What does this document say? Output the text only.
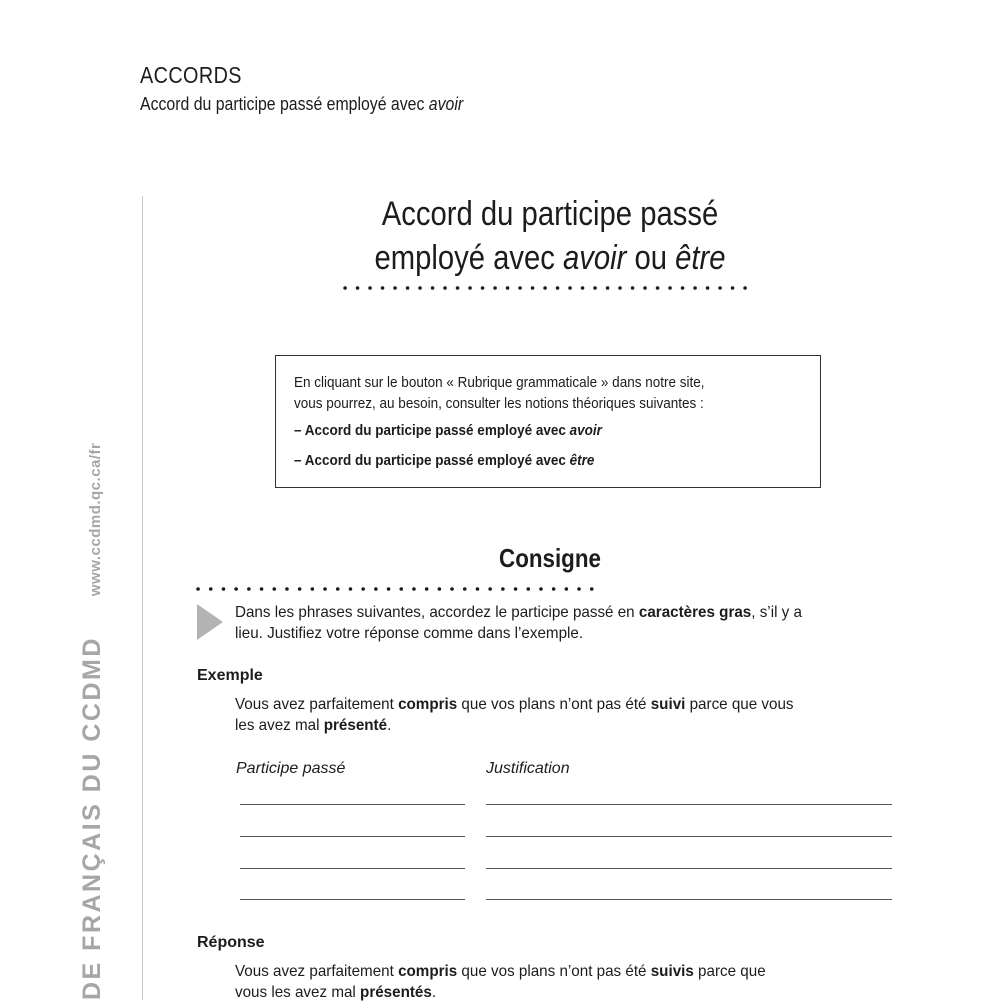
ACCORDS
Accord du participe passé employé avec avoir
DE FRANÇAIS DU CCDMDwww.ccdmd.qc.ca/fr
Accord du participe passé
employé avec avoir ou être
En cliquant sur le bouton « Rubrique grammaticale » dans notre site,
vous pourrez, au besoin, consulter les notions théoriques suivantes :
– Accord du participe passé employé avec avoir
– Accord du participe passé employé avec être
Consigne
Dans les phrases suivantes, accordez le participe passé en caractères gras, s’il y a
lieu. Justifiez votre réponse comme dans l’exemple.
Exemple
Vous avez parfaitement compris que vos plans n’ont pas été suivi parce que vous
les avez mal présenté.
Participe passé	Justification
Réponse
Vous avez parfaitement compris que vos plans n’ont pas été suivis parce que
vous les avez mal présentés.
